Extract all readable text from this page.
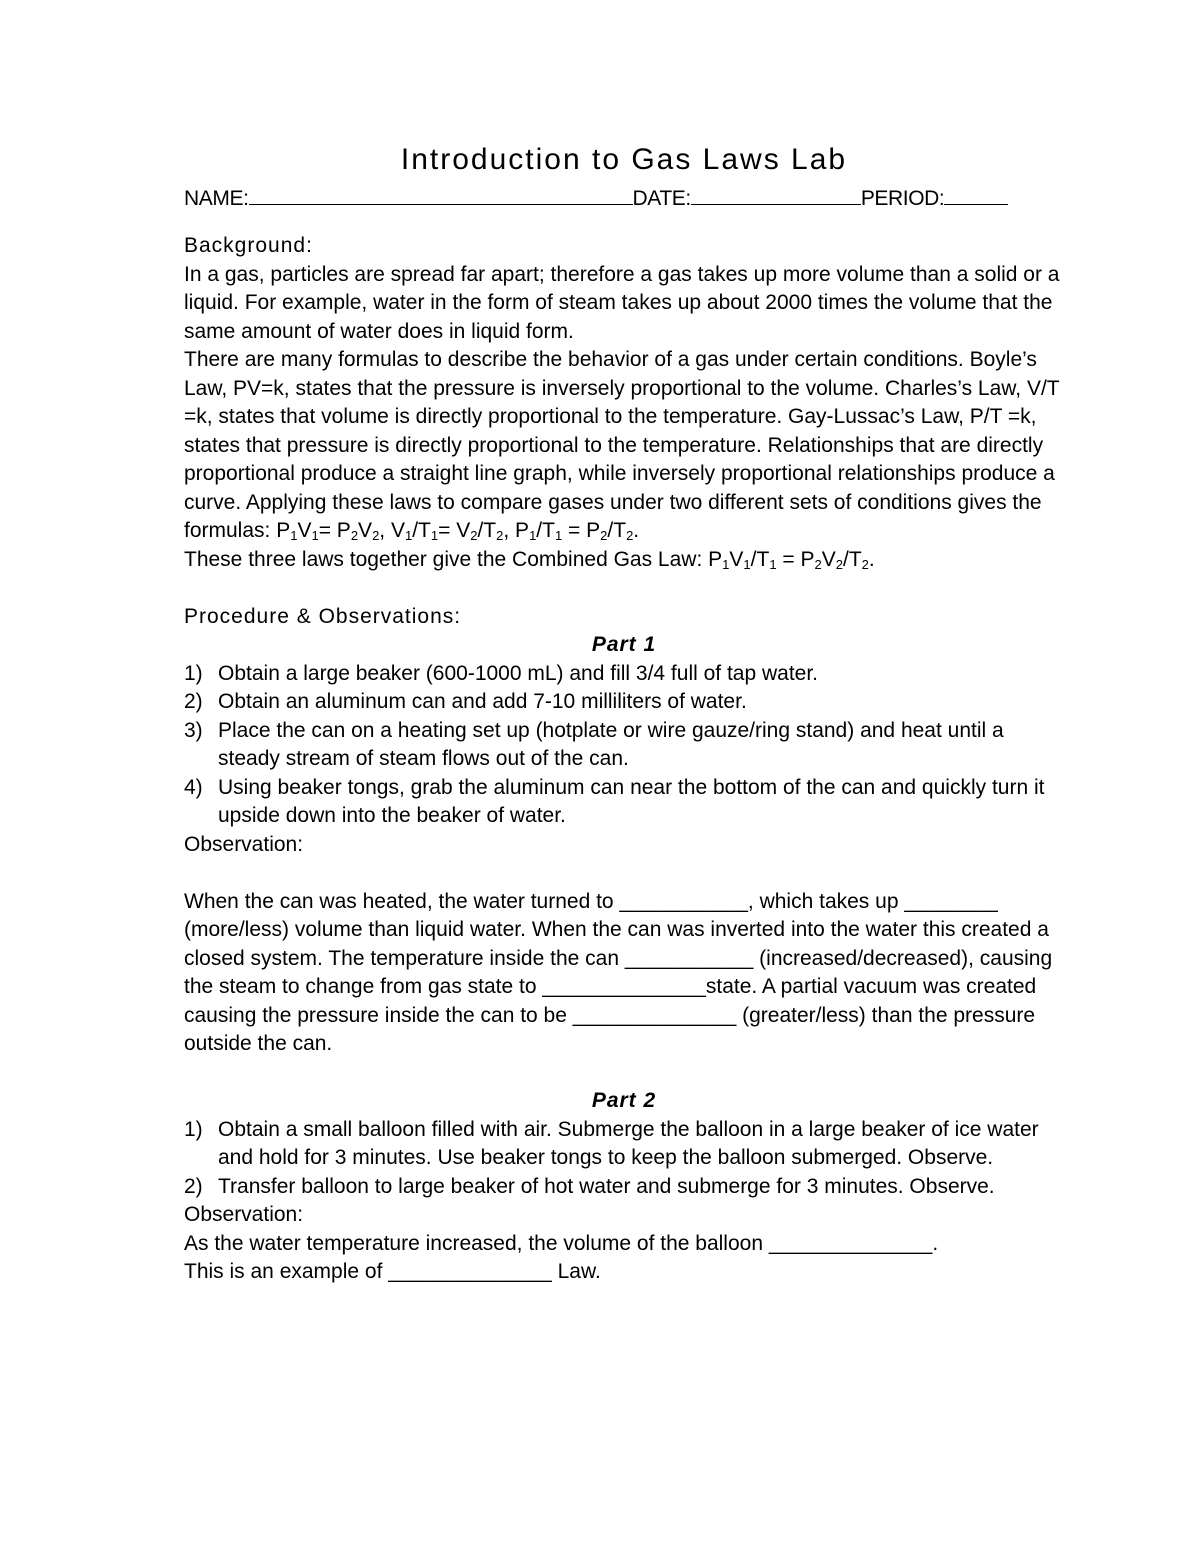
Introduction to Gas Laws Lab
NAME:	DATE:	PERIOD:
Background:

In a gas, particles are spread far apart; therefore a gas takes up more volume than a solid or a liquid. For example, water in the form of steam takes up about 2000 times the volume that the same amount of water does in liquid form.

There are many formulas to describe the behavior of a gas under certain conditions. Boyle’s Law, PV=k, states that the pressure is inversely proportional to the volume. Charles’s Law, V/T =k, states that volume is directly proportional to the temperature. Gay-Lussac’s Law, P/T =k, states that pressure is directly proportional to the temperature. Relationships that are directly proportional produce a straight line graph, while inversely proportional relationships produce a curve. Applying these laws to compare gases under two different sets of conditions gives the formulas: $P_1V_1= P_2V_2$, $V_1/T_1= V_2/T_2$, $P_1/T_1 = P_2/T_2$.

These three laws together give the Combined Gas Law: $P_1V_1/T_1 = P_2V_2/T_2$.

Procedure & Observations:
Part 1
1) Obtain a large beaker (600-1000 mL) and fill 3/4 full of tap water.
2) Obtain an aluminum can and add 7-10 milliliters of water.
3) Place the can on a heating set up (hotplate or wire gauze/ring stand) and heat until a steady stream of steam flows out of the can.
4) Using beaker tongs, grab the aluminum can near the bottom of the can and quickly turn it upside down into the beaker of water.

Observation:

When the can was heated, the water turned to ___________, which takes up ________ (more/less) volume than liquid water. When the can was inverted into the water this created a closed system. The temperature inside the can ___________ (increased/decreased), causing the steam to change from gas state to ______________state. A partial vacuum was created causing the pressure inside the can to be ______________ (greater/less) than the pressure outside the can.

Part 2
1) Obtain a small balloon filled with air. Submerge the balloon in a large beaker of ice water and hold for 3 minutes. Use beaker tongs to keep the balloon submerged. Observe.
2) Transfer balloon to large beaker of hot water and submerge for 3 minutes. Observe.

Observation:

As the water temperature increased, the volume of the balloon ______________.

This is an example of ______________ Law.
